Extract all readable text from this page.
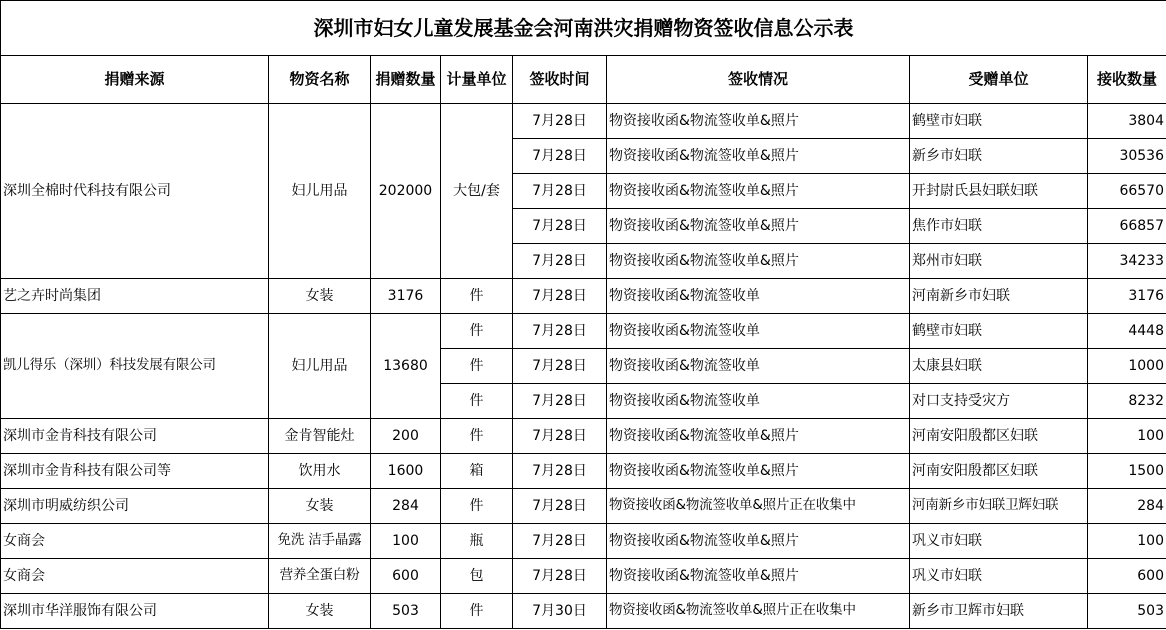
深圳市妇女儿童发展基金会河南洪灾捐赠物资签收信息公示表							
捐赠来源	物资名称	捐赠数量	计量单位	签收时间	签收情况	受赠单位	接收数量
深圳全棉时代科技有限公司	妇儿用品	202000	大包/套	7月28日	物资接收函&物流签收单&照片	鹤壁市妇联	3804
				7月28日	物资接收函&物流签收单&照片	新乡市妇联	30536
				7月28日	物资接收函&物流签收单&照片	开封尉氏县妇联妇联	66570
				7月28日	物资接收函&物流签收单&照片	焦作市妇联	66857
				7月28日	物资接收函&物流签收单&照片	郑州市妇联	34233
艺之卉时尚集团	女装	3176	件	7月28日	物资接收函&物流签收单	河南新乡市妇联	3176
凯儿得乐（深圳）科技发展有限公司	妇儿用品	13680	件	7月28日	物资接收函&物流签收单	鹤壁市妇联	4448
			件	7月28日	物资接收函&物流签收单	太康县妇联	1000
			件	7月28日	物资接收函&物流签收单	对口支持受灾方	8232
深圳市金肯科技有限公司	金肯智能灶	200	件	7月28日	物资接收函&物流签收单&照片	河南安阳殷都区妇联	100
深圳市金肯科技有限公司等	饮用水	1600	箱	7月28日	物资接收函&物流签收单&照片	河南安阳殷都区妇联	1500
深圳市明威纺织公司	女装	284	件	7月28日	物资接收函&物流签收单&照片正在收集中	河南新乡市妇联卫辉妇联	284
女商会	免洗 洁手晶露	100	瓶	7月28日	物资接收函&物流签收单&照片	巩义市妇联	100
女商会	营养全蛋白粉	600	包	7月28日	物资接收函&物流签收单&照片	巩义市妇联	600
深圳市华洋服饰有限公司	女装	503	件	7月30日	物资接收函&物流签收单&照片正在收集中	新乡市卫辉市妇联	503
